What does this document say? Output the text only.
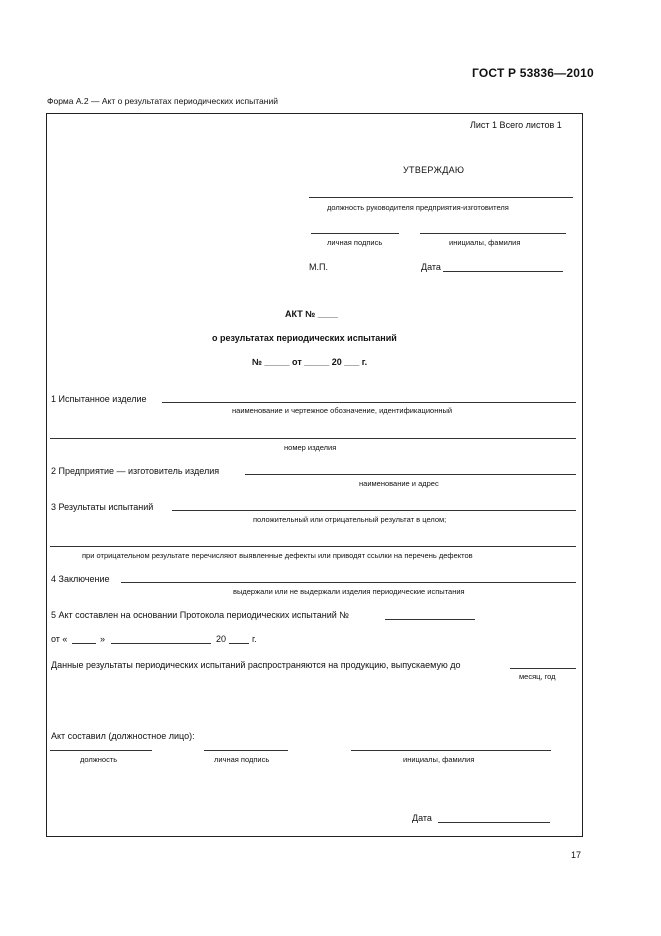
ГОСТ Р 53836—2010
Форма А.2 — Акт о результатах периодических испытаний
Лист 1 Всего листов 1
УТВЕРЖДАЮ
должность руководителя предприятия-изготовителя
личная подпись	инициалы, фамилия
М.П.	Дата
АКТ № ____
о результатах периодических испытаний
№ _____ от _____ 20 ___ г.
1 Испытанное изделие
наименование и чертежное обозначение, идентификационный
номер изделия
2 Предприятие — изготовитель изделия
наименование и адрес
3 Результаты испытаний
положительный или отрицательный результат в целом;
при отрицательном результате перечисляют выявленные дефекты или приводят ссылки на перечень дефектов
4 Заключение
выдержали или не выдержали изделия периодические испытания
5 Акт составлен на основании Протокола периодических испытаний №
от «	»	20	г.
Данные результаты периодических испытаний распространяются на продукцию, выпускаемую до
месяц, год
Акт составил (должностное лицо):
должность	личная подпись	инициалы, фамилия
Дата
17
